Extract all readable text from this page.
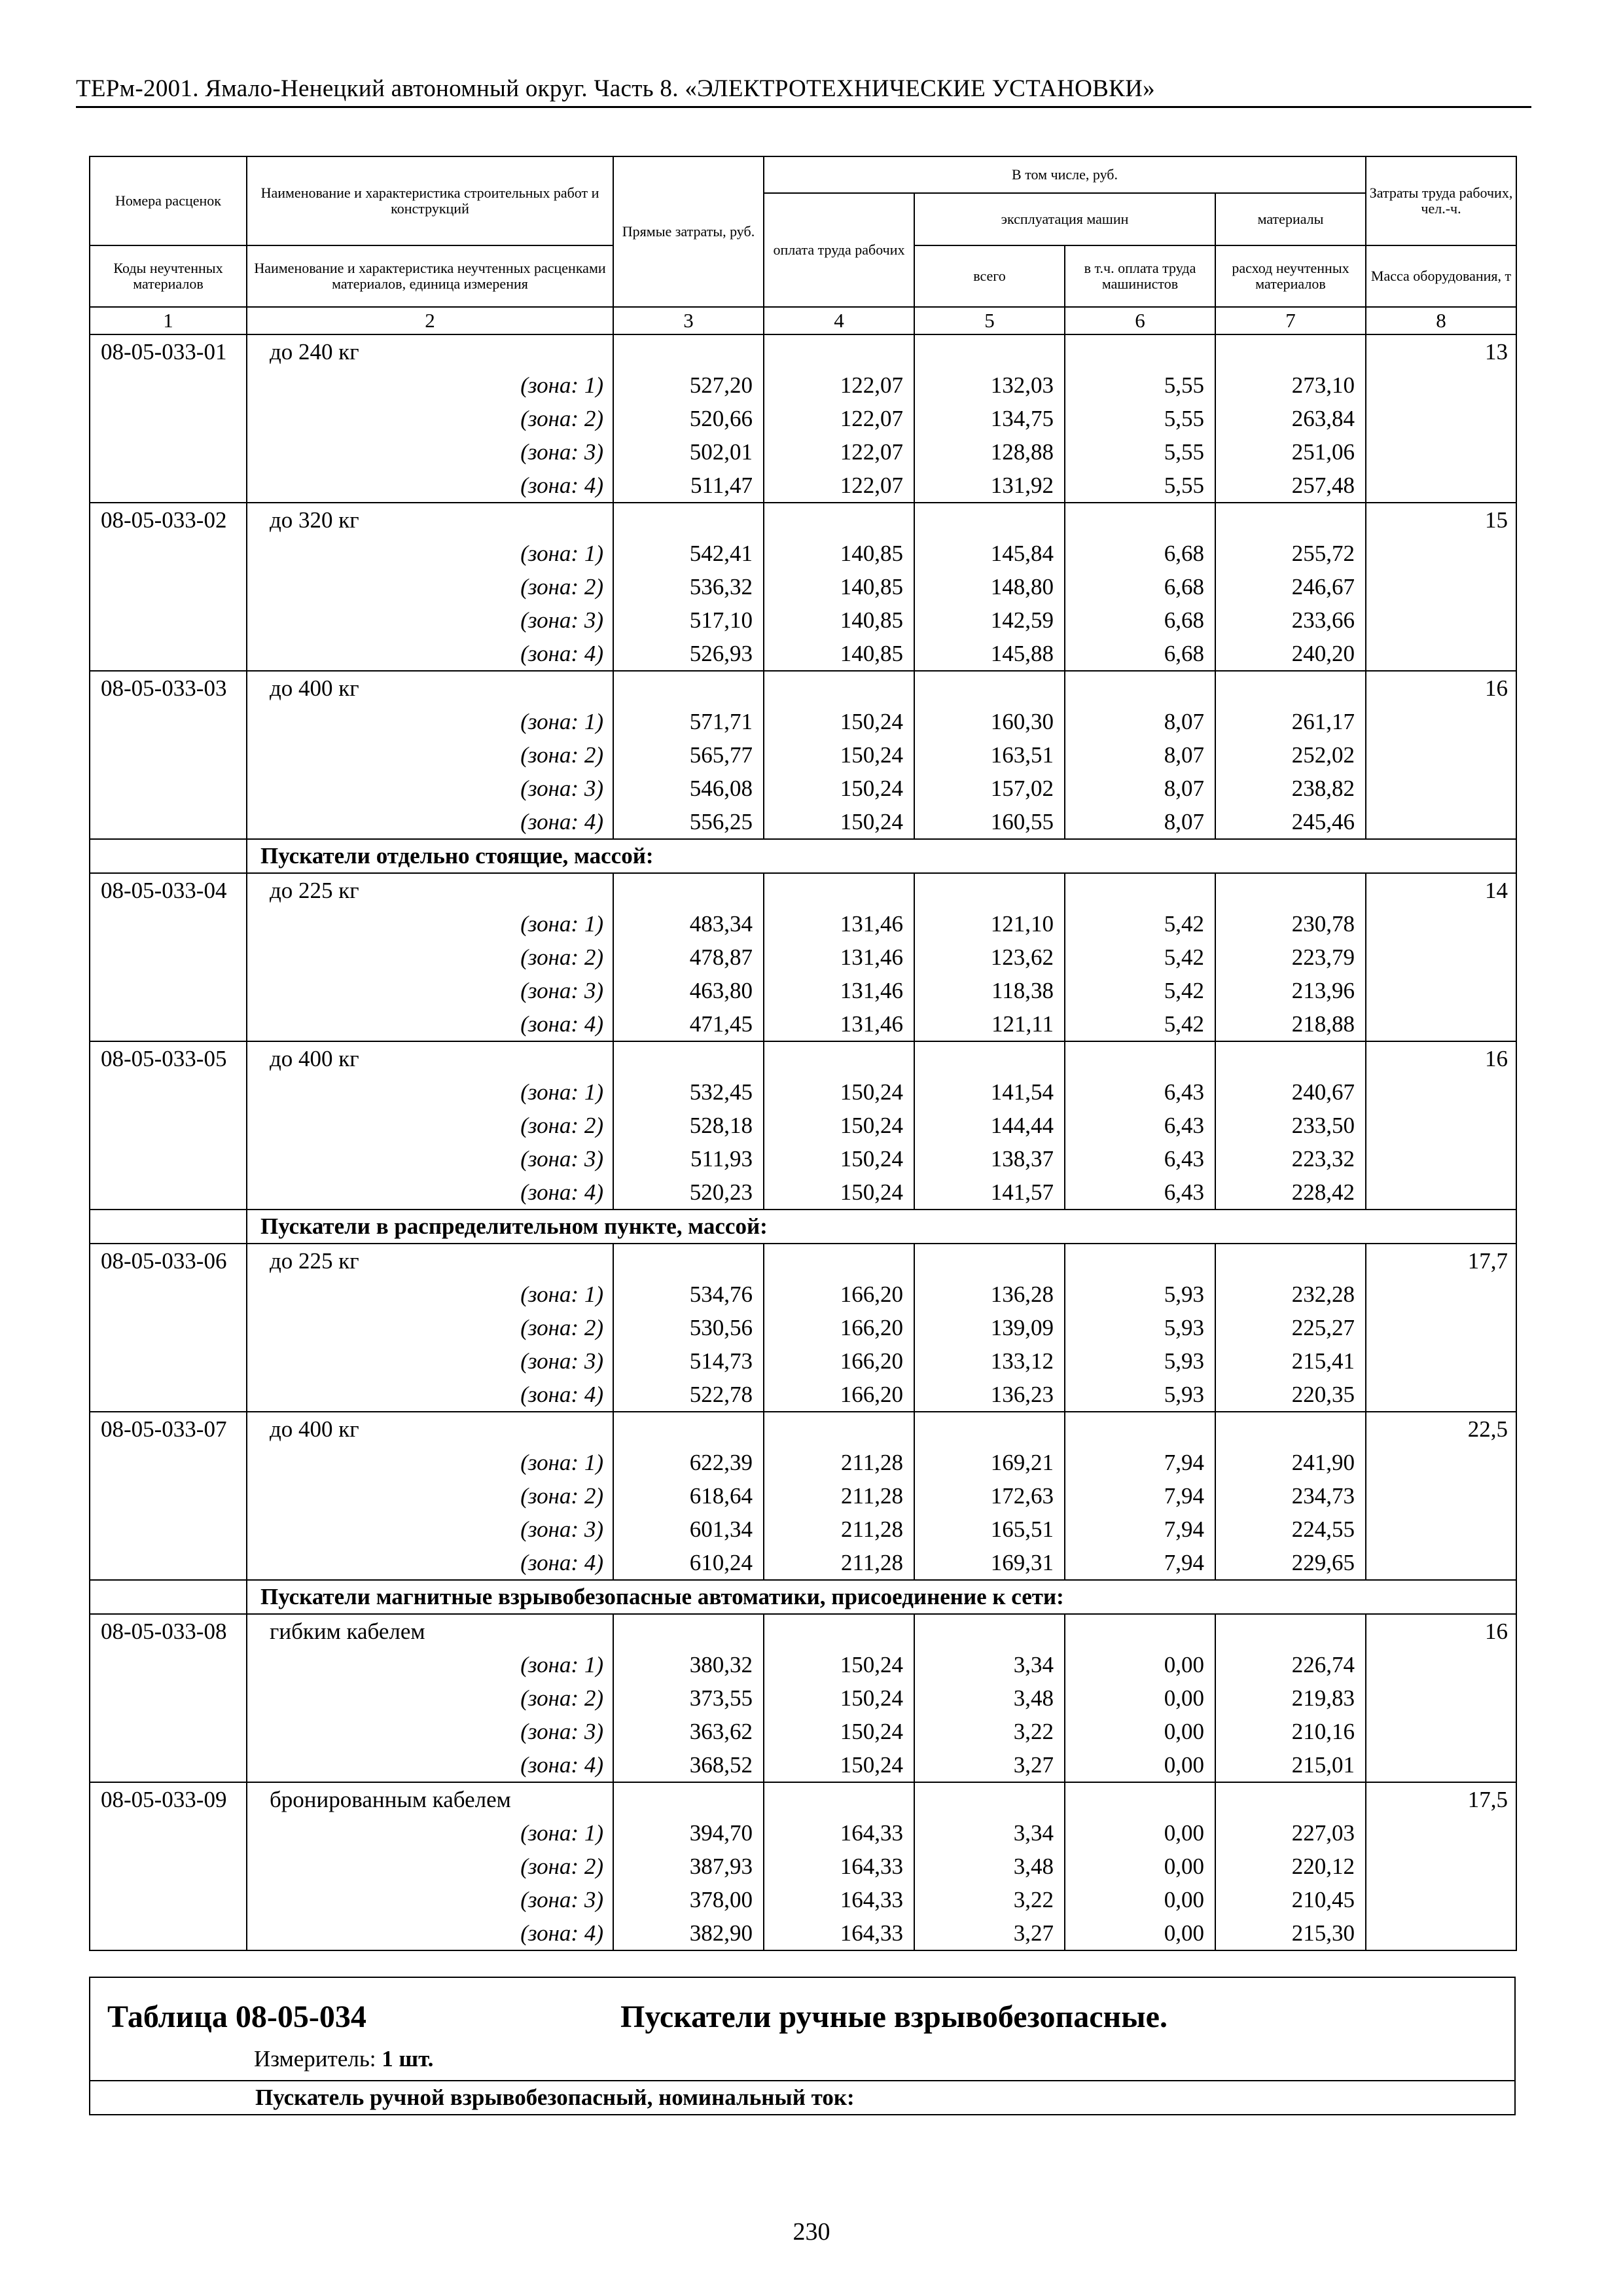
ТЕРм-2001. Ямало-Ненецкий автономный округ. Часть 8. «ЭЛЕКТРОТЕХНИЧЕСКИЕ УСТАНОВКИ»
Номера расценок	Наименование и характеристика строительных работ и конструкций	Прямые затраты, руб.	В том числе, руб.				Затраты труда рабочих, чел.-ч.
			оплата труда рабочих	эксплуатация машин		материалы	
Коды неучтенных материалов	Наименование и характеристика неучтенных расценками материалов, единица измерения			всего	в т.ч. оплата труда машинистов	расход неучтенных материалов	Масса оборудования, т
1	2	3	4	5	6	7	8
08-05-033-01	до 240 кг						13
	(зона: 1)	527,20	122,07	132,03	5,55	273,10	
	(зона: 2)	520,66	122,07	134,75	5,55	263,84	
	(зона: 3)	502,01	122,07	128,88	5,55	251,06	
	(зона: 4)	511,47	122,07	131,92	5,55	257,48	
08-05-033-02	до 320 кг						15
	(зона: 1)	542,41	140,85	145,84	6,68	255,72	
	(зона: 2)	536,32	140,85	148,80	6,68	246,67	
	(зона: 3)	517,10	140,85	142,59	6,68	233,66	
	(зона: 4)	526,93	140,85	145,88	6,68	240,20	
08-05-033-03	до 400 кг						16
	(зона: 1)	571,71	150,24	160,30	8,07	261,17	
	(зона: 2)	565,77	150,24	163,51	8,07	252,02	
	(зона: 3)	546,08	150,24	157,02	8,07	238,82	
	(зона: 4)	556,25	150,24	160,55	8,07	245,46	
	Пускатели отдельно стоящие, массой:						
08-05-033-04	до 225 кг						14
	(зона: 1)	483,34	131,46	121,10	5,42	230,78	
	(зона: 2)	478,87	131,46	123,62	5,42	223,79	
	(зона: 3)	463,80	131,46	118,38	5,42	213,96	
	(зона: 4)	471,45	131,46	121,11	5,42	218,88	
08-05-033-05	до 400 кг						16
	(зона: 1)	532,45	150,24	141,54	6,43	240,67	
	(зона: 2)	528,18	150,24	144,44	6,43	233,50	
	(зона: 3)	511,93	150,24	138,37	6,43	223,32	
	(зона: 4)	520,23	150,24	141,57	6,43	228,42	
	Пускатели в распределительном пункте, массой:						
08-05-033-06	до 225 кг						17,7
	(зона: 1)	534,76	166,20	136,28	5,93	232,28	
	(зона: 2)	530,56	166,20	139,09	5,93	225,27	
	(зона: 3)	514,73	166,20	133,12	5,93	215,41	
	(зона: 4)	522,78	166,20	136,23	5,93	220,35	
08-05-033-07	до 400 кг						22,5
	(зона: 1)	622,39	211,28	169,21	7,94	241,90	
	(зона: 2)	618,64	211,28	172,63	7,94	234,73	
	(зона: 3)	601,34	211,28	165,51	7,94	224,55	
	(зона: 4)	610,24	211,28	169,31	7,94	229,65	
	Пускатели магнитные взрывобезопасные автоматики, присоединение к сети:						
08-05-033-08	гибким кабелем						16
	(зона: 1)	380,32	150,24	3,34	0,00	226,74	
	(зона: 2)	373,55	150,24	3,48	0,00	219,83	
	(зона: 3)	363,62	150,24	3,22	0,00	210,16	
	(зона: 4)	368,52	150,24	3,27	0,00	215,01	
08-05-033-09	бронированным кабелем						17,5
	(зона: 1)	394,70	164,33	3,34	0,00	227,03	
	(зона: 2)	387,93	164,33	3,48	0,00	220,12	
	(зона: 3)	378,00	164,33	3,22	0,00	210,45	
	(зона: 4)	382,90	164,33	3,27	0,00	215,30	
Таблица 08-05-034	Пускатели ручные взрывобезопасные.
Измеритель: 1 шт.

Пускатель ручной взрывобезопасный, номинальный ток:
230
